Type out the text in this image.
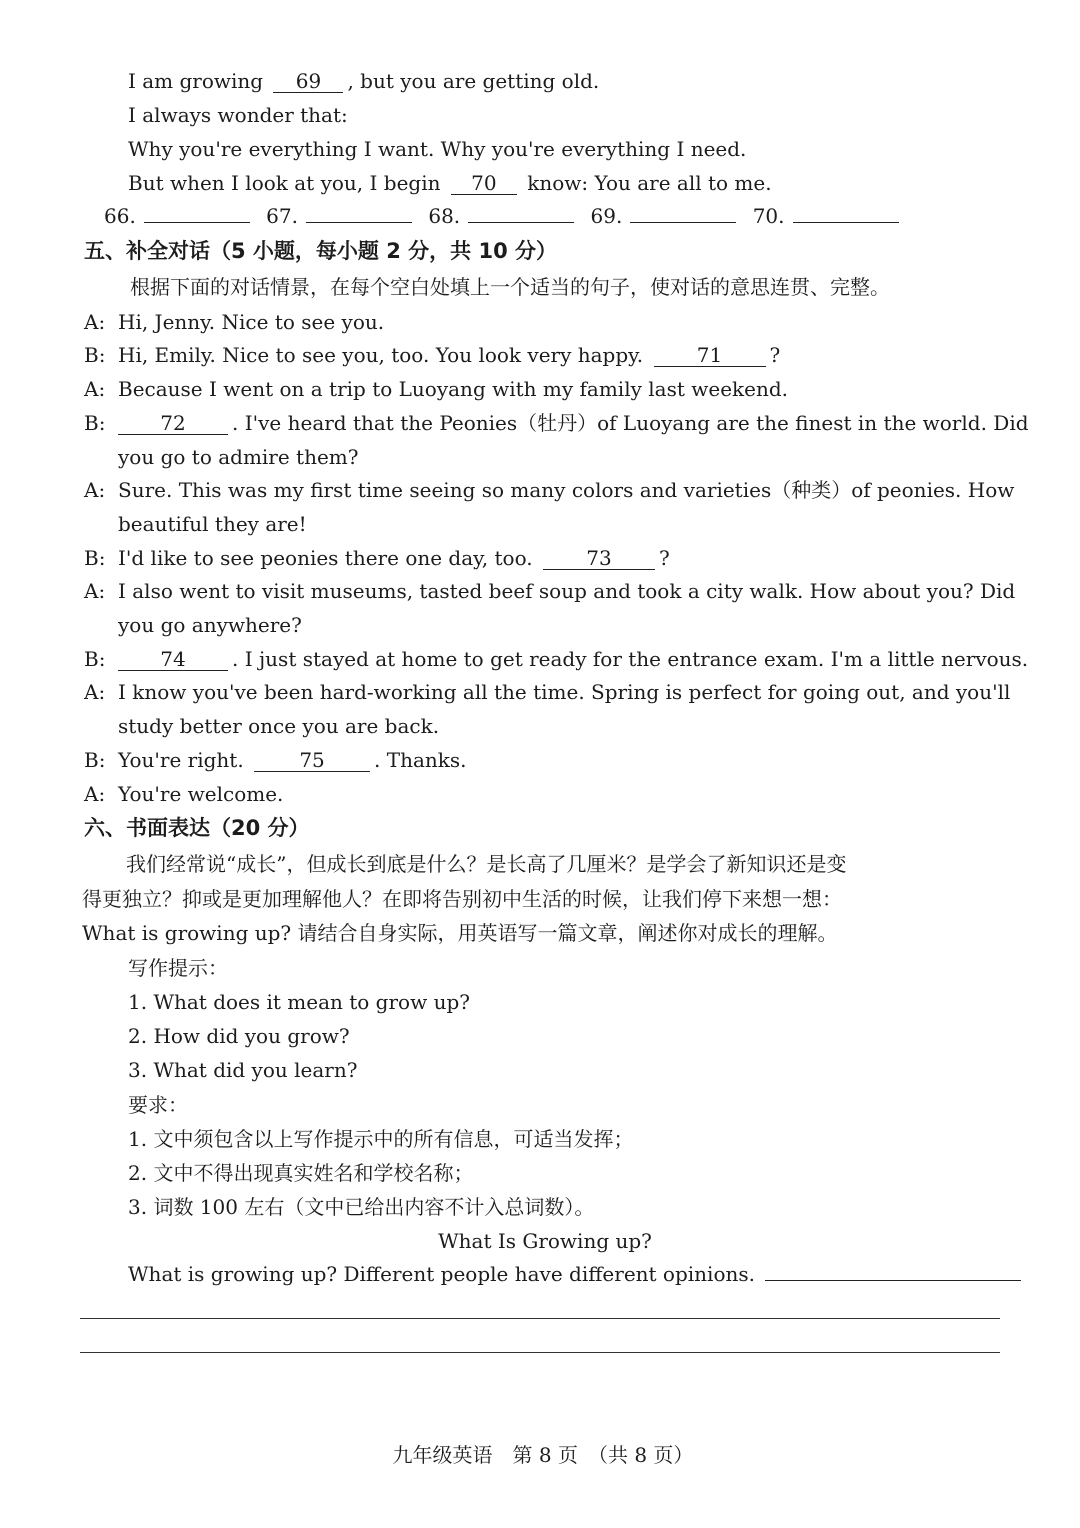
I am growing 69 , but you are getting old.
I always wonder that:
Why you're everything I want. Why you're everything I need.
But when I look at you, I begin 70 know: You are all to me.
66.	67.	68.	69.	70.
五、补全对话（5 小题，每小题 2 分，共 10 分）
根据下面的对话情景，在每个空白处填上一个适当的句子，使对话的意思连贯、完整。
A: Hi, Jenny. Nice to see you.
B: Hi, Emily. Nice to see you, too. You look very happy.	71 ?
A: Because I went on a trip to Luoyang with my family last weekend.
B:	72 . I've heard that the Peonies（牡丹）of Luoyang are the finest in the world. Did
you go to admire them?
A: Sure. This was my first time seeing so many colors and varieties（种类）of peonies. How
beautiful they are!
B: I'd like to see peonies there one day, too.	73 ?
A: I also went to visit museums, tasted beef soup and took a city walk. How about you? Did
you go anywhere?
B:	74 . I just stayed at home to get ready for the entrance exam. I'm a little nervous.
A: I know you've been hard-working all the time. Spring is perfect for going out, and you'll
study better once you are back.
B: You're right.	75 . Thanks.
A: You're welcome.
六、书面表达（20 分）
我们经常说“成长”，但成长到底是什么？是长高了几厘米？是学会了新知识还是变
得更独立？抑或是更加理解他人？在即将告别初中生活的时候，让我们停下来想一想：
What is growing up? 请结合自身实际，用英语写一篇文章，阐述你对成长的理解。
写作提示：
1. What does it mean to grow up?
2. How did you grow?
3. What did you learn?
要求：
1. 文中须包含以上写作提示中的所有信息，可适当发挥；
2. 文中不得出现真实姓名和学校名称；
3. 词数 100 左右（文中已给出内容不计入总词数）。
What Is Growing up?
What is growing up? Different people have different opinions.
九年级英语　第 8 页　（共 8 页）
